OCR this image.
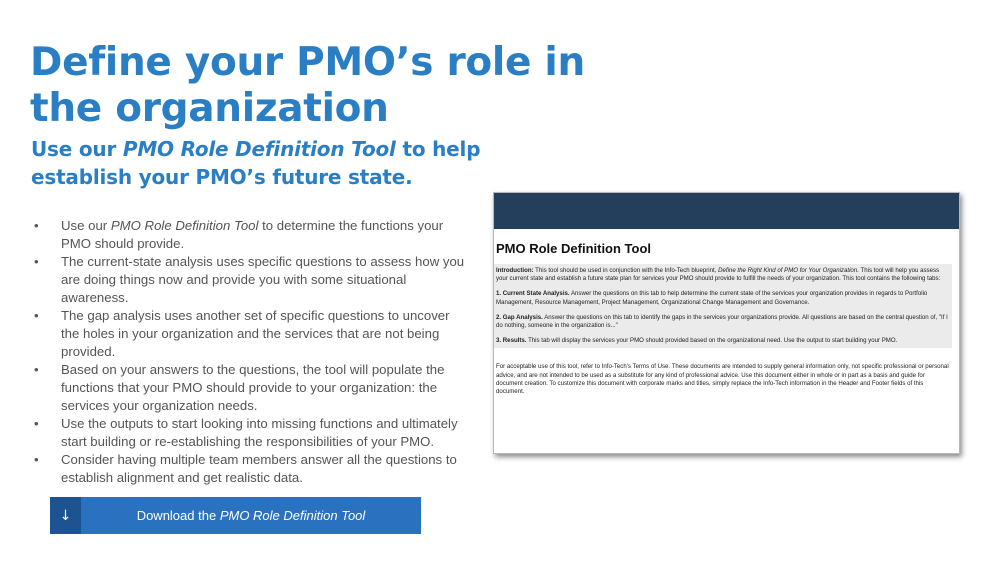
Define your PMO’s role in the organization
Use our PMO Role Definition Tool to help establish your PMO’s future state.
• Use our PMO Role Definition Tool to determine the functions your PMO should provide.
• The current-state analysis uses specific questions to assess how you are doing things now and provide you with some situational awareness.
• The gap analysis uses another set of specific questions to uncover the holes in your organization and the services that are not being provided.
• Based on your answers to the questions, the tool will populate the functions that your PMO should provide to your organization: the services your organization needs.
• Use the outputs to start looking into missing functions and ultimately start building or re-establishing the responsibilities of your PMO.
• Consider having multiple team members answer all the questions to establish alignment and get realistic data.
↓	Download the PMO Role Definition Tool
PMO Role Definition Tool

Introduction: This tool should be used in conjunction with the Info-Tech blueprint, Define the Right Kind of PMO for Your Organization. This tool will help you assess your current state and establish a future state plan for services your PMO should provide to fulfill the needs of your organization. This tool contains the following tabs:

1. Current State Analysis. Answer the questions on this tab to help determine the current state of the services your organization provides in regards to Portfolio Management, Resource Management, Project Management, Organizational Change Management and Governance.

2. Gap Analysis. Answer the questions on this tab to identify the gaps in the services your organizations provide. All questions are based on the central question of, "If I do nothing, someone in the organization is..."

3. Results. This tab will display the services your PMO should provided based on the organizational need. Use the output to start building your PMO.

For acceptable use of this tool, refer to Info-Tech's Terms of Use. These documents are intended to supply general information only, not specific professional or personal advice, and are not intended to be used as a substitute for any kind of professional advice. Use this document either in whole or in part as a basis and guide for document creation. To customize this document with corporate marks and titles, simply replace the Info-Tech information in the Header and Footer fields of this document.
